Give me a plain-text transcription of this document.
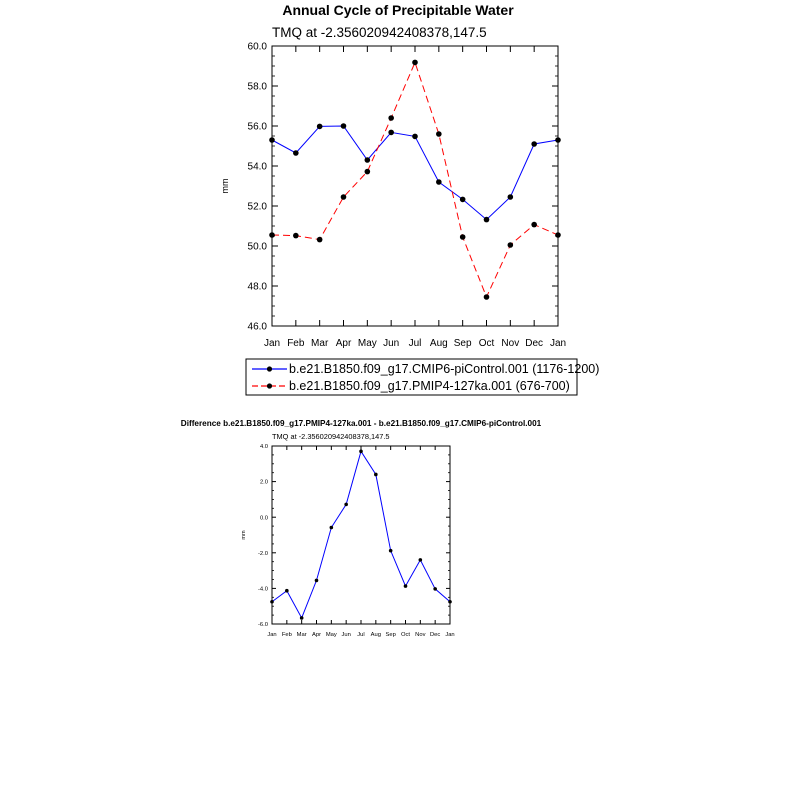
Annual Cycle of Precipitable Water
TMQ at -2.356020942408378,147.5
mm
Jan Feb Mar Apr May Jun Jul Aug Sep Oct Nov Dec Jan
46.0
48.0
50.0
52.0
54.0
56.0
58.0
60.0
b.e21.B1850.f09_g17.CMIP6-piControl.001 (1176-1200)
b.e21.B1850.f09_g17.PMIP4-127ka.001 (676-700)
Difference b.e21.B1850.f09_g17.PMIP4-127ka.001 - b.e21.B1850.f09_g17.CMIP6-piControl.001
TMQ at -2.356020942408378,147.5
mm
Jan Feb Mar Apr May Jun Jul Aug Sep Oct Nov Dec Jan
-6.0
-4.0
-2.0
0.0
2.0
4.0
